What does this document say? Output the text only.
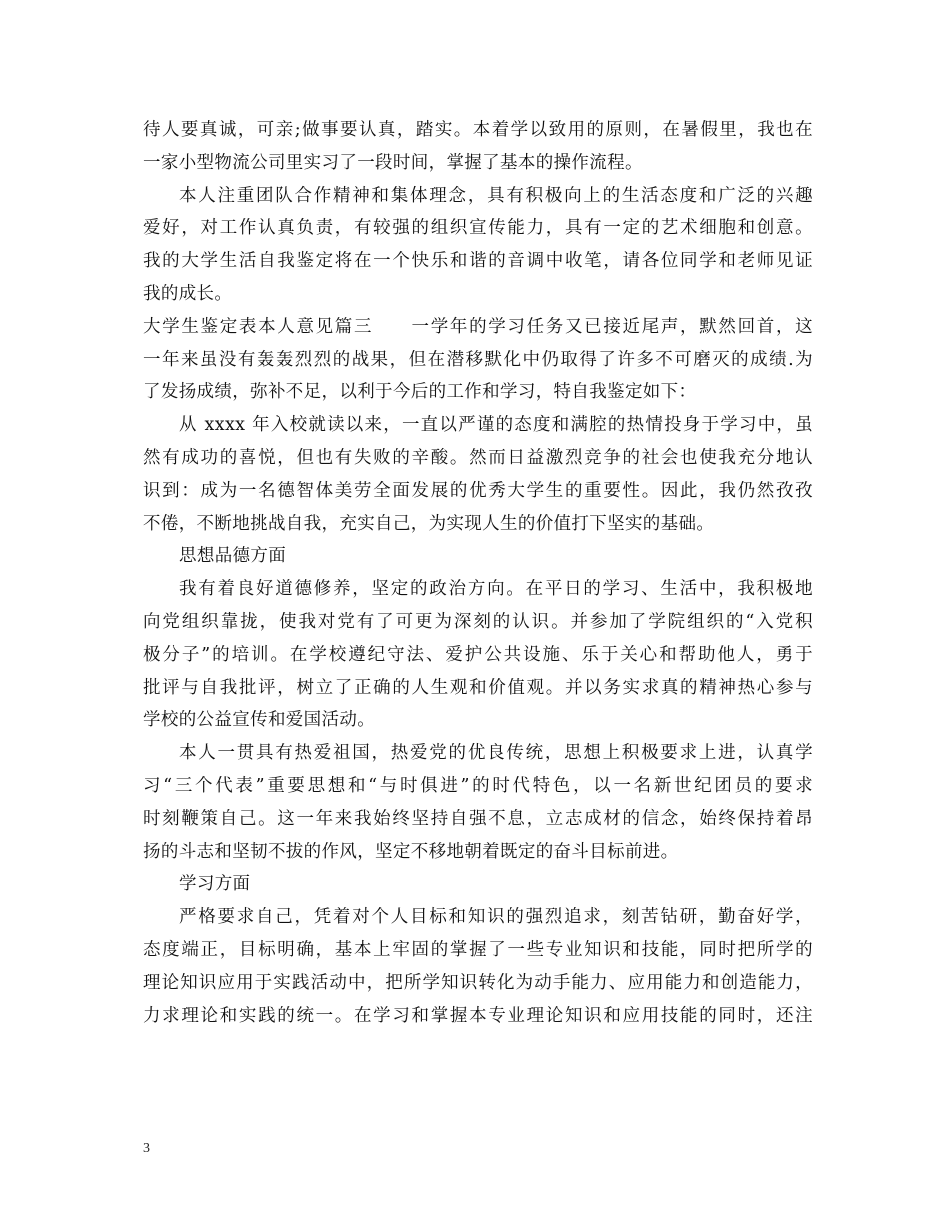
待人要真诚，可亲;做事要认真，踏实。本着学以致用的原则，在暑假里，我也在
一家小型物流公司里实习了一段时间，掌握了基本的操作流程。
本人注重团队合作精神和集体理念，具有积极向上的生活态度和广泛的兴趣
爱好，对工作认真负责，有较强的组织宣传能力，具有一定的艺术细胞和创意。
我的大学生活自我鉴定将在一个快乐和谐的音调中收笔，请各位同学和老师见证
我的成长。
大学生鉴定表本人意见篇三　　一学年的学习任务又已接近尾声，默然回首，这
一年来虽没有轰轰烈烈的战果，但在潜移默化中仍取得了许多不可磨灭的成绩.为
了发扬成绩，弥补不足，以利于今后的工作和学习，特自我鉴定如下：
从 xxxx 年入校就读以来，一直以严谨的态度和满腔的热情投身于学习中，虽
然有成功的喜悦，但也有失败的辛酸。然而日益激烈竞争的社会也使我充分地认
识到：成为一名德智体美劳全面发展的优秀大学生的重要性。因此，我仍然孜孜
不倦，不断地挑战自我，充实自己，为实现人生的价值打下坚实的基础。
思想品德方面
我有着良好道德修养，坚定的政治方向。在平日的学习、生活中，我积极地
向党组织靠拢，使我对党有了可更为深刻的认识。并参加了学院组织的“入党积
极分子”的培训。在学校遵纪守法、爱护公共设施、乐于关心和帮助他人，勇于
批评与自我批评，树立了正确的人生观和价值观。并以务实求真的精神热心参与
学校的公益宣传和爱国活动。
本人一贯具有热爱祖国，热爱党的优良传统，思想上积极要求上进，认真学
习“三个代表”重要思想和“与时俱进”的时代特色，以一名新世纪团员的要求
时刻鞭策自己。这一年来我始终坚持自强不息，立志成材的信念，始终保持着昂
扬的斗志和坚韧不拔的作风，坚定不移地朝着既定的奋斗目标前进。
学习方面
严格要求自己，凭着对个人目标和知识的强烈追求，刻苦钻研，勤奋好学，
态度端正，目标明确，基本上牢固的掌握了一些专业知识和技能，同时把所学的
理论知识应用于实践活动中，把所学知识转化为动手能力、应用能力和创造能力，
力求理论和实践的统一。在学习和掌握本专业理论知识和应用技能的同时，还注
3
